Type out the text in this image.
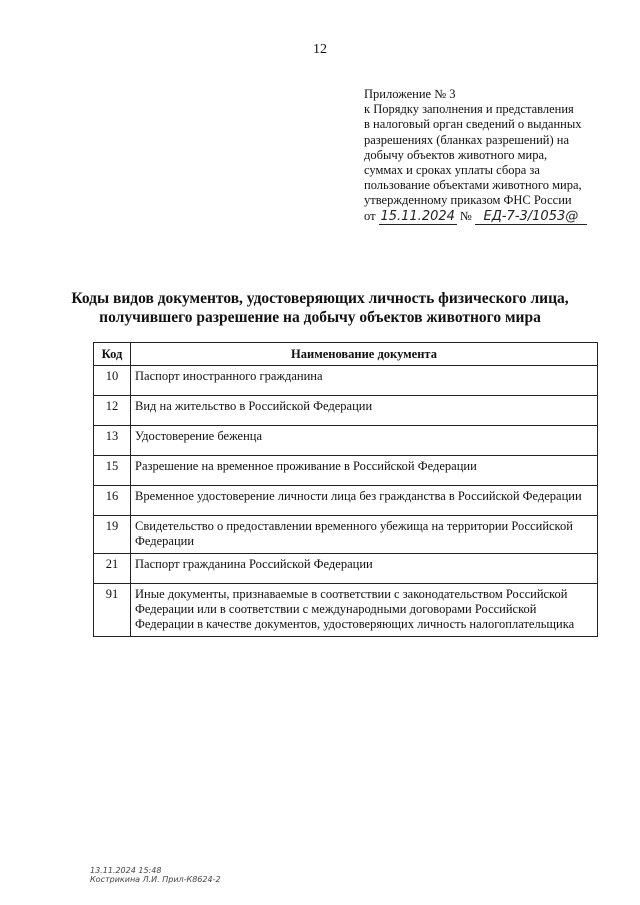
12
Приложение № 3
к Порядку заполнения и представления
в налоговый орган сведений о выданных
разрешениях (бланках разрешений) на
добычу объектов животного мира,
суммах и сроках уплаты сбора за
пользование объектами животного мира,
утвержденному приказом ФНС России
от 15.11.2024 № ЕД-7-3/1053@
Коды видов документов, удостоверяющих личность физического лица,
получившего разрешение на добычу объектов животного мира
Код	Наименование документа
10	Паспорт иностранного гражданина
12	Вид на жительство в Российской Федерации
13	Удостоверение беженца
15	Разрешение на временное проживание в Российской Федерации
16	Временное удостоверение личности лица без гражданства в Российской Федерации
19	Свидетельство о предоставлении временного убежища на территории Российской Федерации
21	Паспорт гражданина Российской Федерации
91	Иные документы, признаваемые в соответствии с законодательством Российской Федерации или в соответствии с международными договорами Российской Федерации в качестве документов, удостоверяющих личность налогоплательщика
13.11.2024 15:48
Кострикина Л.И. Прил-К8624-2
